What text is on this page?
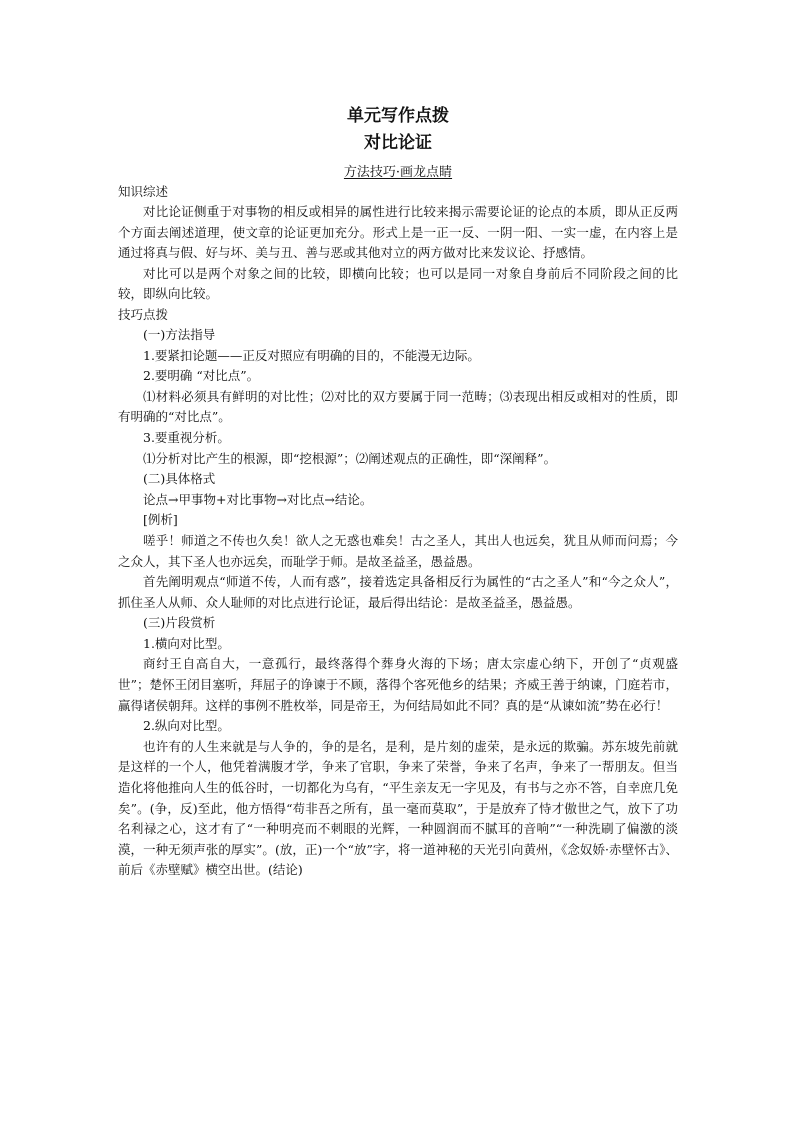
单元写作点拨

对比论证

方法技巧·画龙点睛

知识综述

对比论证侧重于对事物的相反或相异的属性进行比较来揭示需要论证的论点的本质，即从正反两个方面去阐述道理，使文章的论证更加充分。形式上是一正一反、一阴一阳、一实一虚，在内容上是通过将真与假、好与坏、美与丑、善与恶或其他对立的两方做对比来发议论、抒感情。

对比可以是两个对象之间的比较，即横向比较；也可以是同一对象自身前后不同阶段之间的比较，即纵向比较。

技巧点拨

(一)方法指导

1.要紧扣论题——正反对照应有明确的目的，不能漫无边际。

2.要明确 “对比点”。

⑴材料必须具有鲜明的对比性；⑵对比的双方要属于同一范畴；⑶表现出相反或相对的性质，即有明确的“对比点”。

3.要重视分析。

⑴分析对比产生的根源，即“挖根源”；⑵阐述观点的正确性，即“深阐释”。

(二)具体格式

论点→甲事物+对比事物→对比点→结论。

[例析]

嗟乎！师道之不传也久矣！欲人之无惑也难矣！古之圣人，其出人也远矣，犹且从师而问焉；今之众人，其下圣人也亦远矣，而耻学于师。是故圣益圣，愚益愚。

首先阐明观点“师道不传，人而有惑”，接着选定具备相反行为属性的“古之圣人”和“今之众人”，抓住圣人从师、众人耻师的对比点进行论证，最后得出结论：是故圣益圣，愚益愚。

(三)片段赏析

1.横向对比型。

商纣王自高自大，一意孤行，最终落得个葬身火海的下场；唐太宗虚心纳下，开创了“贞观盛世”；楚怀王闭目塞听，拜屈子的诤谏于不顾，落得个客死他乡的结果；齐威王善于纳谏，门庭若市，赢得诸侯朝拜。这样的事例不胜枚举，同是帝王，为何结局如此不同？真的是“从谏如流”势在必行！

2.纵向对比型。

也许有的人生来就是与人争的，争的是名，是利，是片刻的虚荣，是永远的欺骗。苏东坡先前就是这样的一个人，他凭着满腹才学，争来了官职，争来了荣誉，争来了名声，争来了一帮朋友。但当造化将他推向人生的低谷时，一切都化为乌有，“平生亲友无一字见及，有书与之亦不答，自幸庶几免矣”。(争，反)至此，他方悟得“苟非吾之所有，虽一毫而莫取”，于是放弃了恃才傲世之气，放下了功名利禄之心，这才有了“一种明亮而不刺眼的光辉，一种圆润而不腻耳的音响”“一种洗刷了偏激的淡漠，一种无须声张的厚实”。(放，正)一个“放”字，将一道神秘的天光引向黄州，《念奴娇·赤壁怀古》、前后《赤壁赋》横空出世。(结论)
